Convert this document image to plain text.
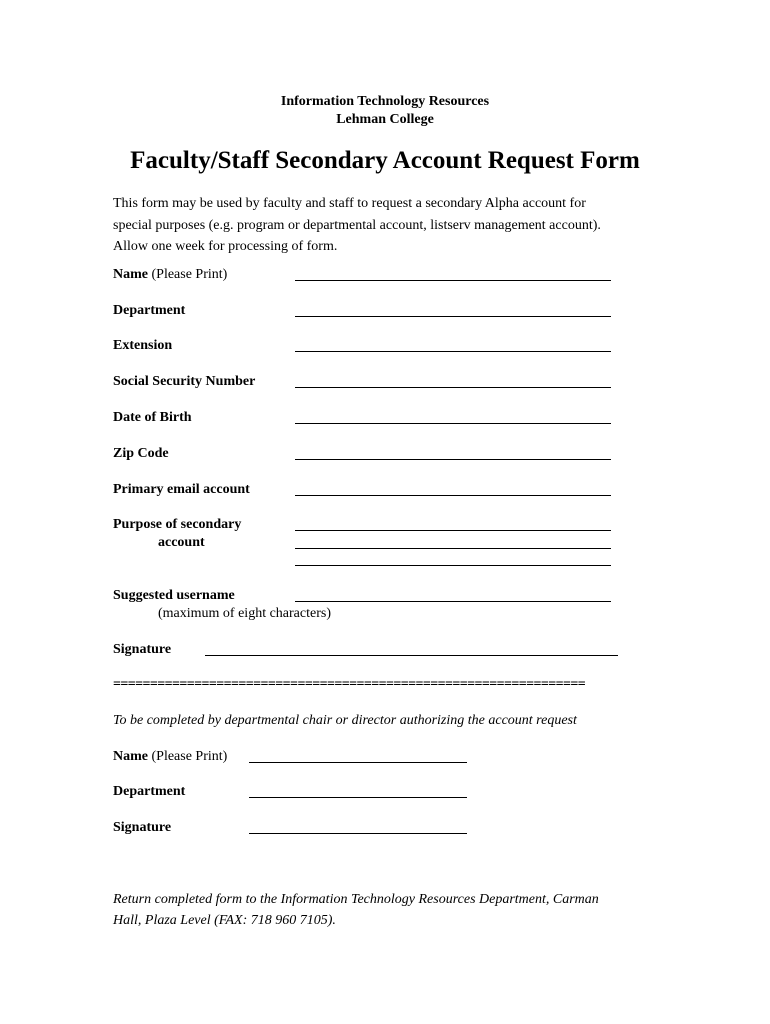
Information Technology Resources
Lehman College
Faculty/Staff Secondary Account Request Form
This form may be used by faculty and staff to request a secondary Alpha account for
special purposes (e.g. program or departmental account, listserv management account).
Allow one week for processing of form.
Name (Please Print)
Department
Extension
Social Security Number
Date of Birth
Zip Code
Primary email account
Purpose of secondary
account
Suggested username
(maximum of eight characters)
Signature
================================================================
To be completed by departmental chair or director authorizing the account request
Name (Please Print)
Department
Signature
Return completed form to the Information Technology Resources Department, Carman
Hall, Plaza Level (FAX: 718 960 7105).
